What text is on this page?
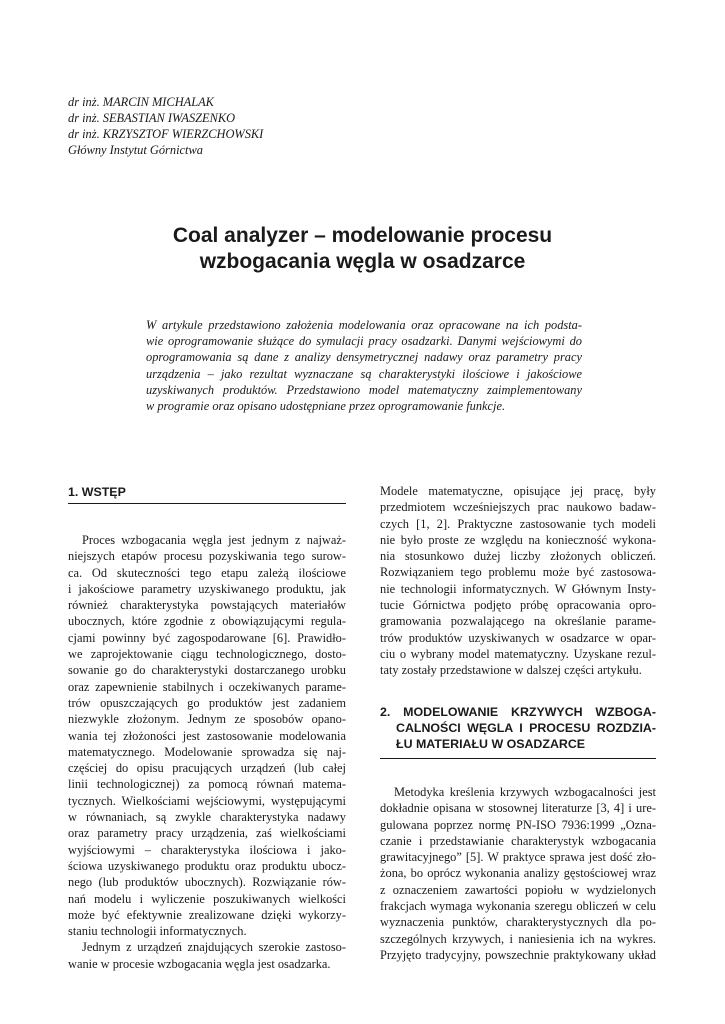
dr inż. MARCIN MICHALAK
dr inż. SEBASTIAN IWASZENKO
dr inż. KRZYSZTOF WIERZCHOWSKI
Główny Instytut Górnictwa
Coal analyzer – modelowanie procesu
wzbogacania węgla w osadzarce
W artykule przedstawiono założenia modelowania oraz opracowane na ich podsta-
wie oprogramowanie służące do symulacji pracy osadzarki. Danymi wejściowymi do
oprogramowania są dane z analizy densymetrycznej nadawy oraz parametry pracy
urządzenia – jako rezultat wyznaczane są charakterystyki ilościowe i jakościowe
uzyskiwanych produktów. Przedstawiono model matematyczny zaimplementowany
w programie oraz opisano udostępniane przez oprogramowanie funkcje.
1. WSTĘP
Proces wzbogacania węgla jest jednym z najważ-
niejszych etapów procesu pozyskiwania tego surow-
ca. Od skuteczności tego etapu zależą ilościowe
i jakościowe parametry uzyskiwanego produktu, jak
również charakterystyka powstających materiałów
ubocznych, które zgodnie z obowiązującymi regula-
cjami powinny być zagospodarowane [6]. Prawidło-
we zaprojektowanie ciągu technologicznego, dosto-
sowanie go do charakterystyki dostarczanego urobku
oraz zapewnienie stabilnych i oczekiwanych parame-
trów opuszczających go produktów jest zadaniem
niezwykle złożonym. Jednym ze sposobów opano-
wania tej złożoności jest zastosowanie modelowania
matematycznego. Modelowanie sprowadza się naj-
częściej do opisu pracujących urządzeń (lub całej
linii technologicznej) za pomocą równań matema-
tycznych. Wielkościami wejściowymi, występującymi
w równaniach, są zwykle charakterystyka nadawy
oraz parametry pracy urządzenia, zaś wielkościami
wyjściowymi – charakterystyka ilościowa i jako-
ściowa uzyskiwanego produktu oraz produktu ubocz-
nego (lub produktów ubocznych). Rozwiązanie rów-
nań modelu i wyliczenie poszukiwanych wielkości
może być efektywnie zrealizowane dzięki wykorzy-
staniu technologii informatycznych.
Jednym z urządzeń znajdujących szerokie zastoso-
wanie w procesie wzbogacania węgla jest osadzarka.
Modele matematyczne, opisujące jej pracę, były
przedmiotem wcześniejszych prac naukowo badaw-
czych [1, 2]. Praktyczne zastosowanie tych modeli
nie było proste ze względu na konieczność wykona-
nia stosunkowo dużej liczby złożonych obliczeń.
Rozwiązaniem tego problemu może być zastosowa-
nie technologii informatycznych. W Głównym Insty-
tucie Górnictwa podjęto próbę opracowania opro-
gramowania pozwalającego na określanie parame-
trów produktów uzyskiwanych w osadzarce w opar-
ciu o wybrany model matematyczny. Uzyskane rezul-
taty zostały przedstawione w dalszej części artykułu.
2. MODELOWANIE KRZYWYCH WZBOGA-
CALNOŚCI WĘGLA I PROCESU ROZDZIA-
ŁU MATERIAŁU W OSADZARCE
Metodyka kreślenia krzywych wzbogacalności jest
dokładnie opisana w stosownej literaturze [3, 4] i ure-
gulowana poprzez normę PN-ISO 7936:1999 „Ozna-
czanie i przedstawianie charakterystyk wzbogacania
grawitacyjnego” [5]. W praktyce sprawa jest dość zło-
żona, bo oprócz wykonania analizy gęstościowej wraz
z oznaczeniem zawartości popiołu w wydzielonych
frakcjach wymaga wykonania szeregu obliczeń w celu
wyznaczenia punktów, charakterystycznych dla po-
szczególnych krzywych, i naniesienia ich na wykres.
Przyjęto tradycyjny, powszechnie praktykowany układ
